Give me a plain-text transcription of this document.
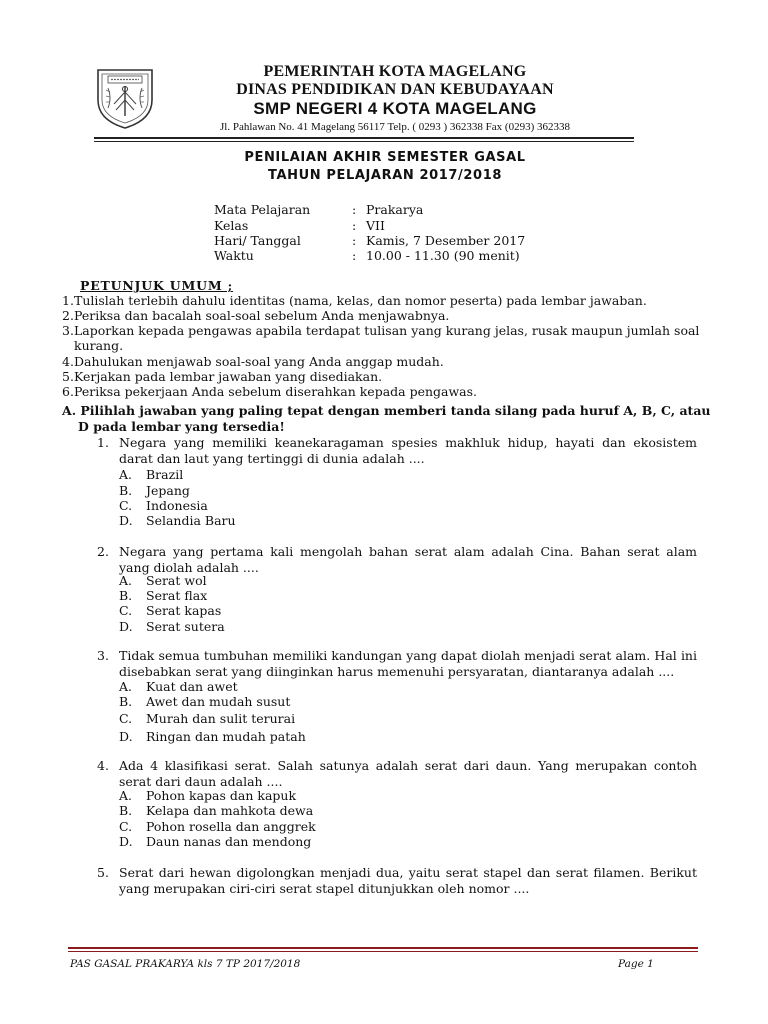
PEMERINTAH KOTA MAGELANG
DINAS PENDIDIKAN DAN KEBUDAYAAN
SMP NEGERI 4 KOTA MAGELANG
Jl. Pahlawan No. 41 Magelang 56117 Telp. ( 0293 ) 362338 Fax (0293) 362338
PENILAIAN AKHIR SEMESTER GASAL
TAHUN PELAJARAN 2017/2018
Mata Pelajaran	: Prakarya
Kelas	: VII
Hari/ Tanggal	: Kamis, 7 Desember 2017
Waktu	: 10.00 - 11.30 (90 menit)
PETUNJUK UMUM ;
1. Tulislah terlebih dahulu identitas (nama, kelas, dan nomor peserta) pada lembar jawaban.
2. Periksa dan bacalah soal-soal sebelum Anda menjawabnya.
3. Laporkan kepada pengawas apabila terdapat tulisan yang kurang jelas, rusak maupun jumlah soal
kurang.
4. Dahulukan menjawab soal-soal yang Anda anggap mudah.
5. Kerjakan pada lembar jawaban yang disediakan.
6. Periksa pekerjaan Anda sebelum diserahkan kepada pengawas.
A. Pilihlah jawaban yang paling tepat dengan memberi tanda silang pada huruf A, B, C, atau
D pada lembar yang tersedia!
1. Negara yang memiliki keanekaragaman spesies makhluk hidup, hayati dan ekosistem darat dan laut yang tertinggi di dunia adalah ....
A. Brazil
B. Jepang
C. Indonesia
D. Selandia Baru
2. Negara yang pertama kali mengolah bahan serat alam adalah Cina. Bahan serat alam yang diolah adalah ....
A. Serat wol
B. Serat flax
C. Serat kapas
D. Serat sutera
3. Tidak semua tumbuhan memiliki kandungan yang dapat diolah menjadi serat alam. Hal ini disebabkan serat yang diinginkan harus memenuhi persyaratan, diantaranya adalah ....
A. Kuat dan awet
B. Awet dan mudah susut
C. Murah dan sulit terurai
D. Ringan dan mudah patah
4. Ada 4 klasifikasi serat. Salah satunya adalah serat dari daun. Yang merupakan contoh serat dari daun adalah ....
A. Pohon kapas dan kapuk
B. Kelapa dan mahkota dewa
C. Pohon rosella dan anggrek
D. Daun nanas dan mendong
5. Serat dari hewan digolongkan menjadi dua, yaitu serat stapel dan serat filamen. Berikut yang merupakan ciri-ciri serat stapel ditunjukkan oleh nomor ....
PAS GASAL PRAKARYA kls 7 TP 2017/2018	Page 1
